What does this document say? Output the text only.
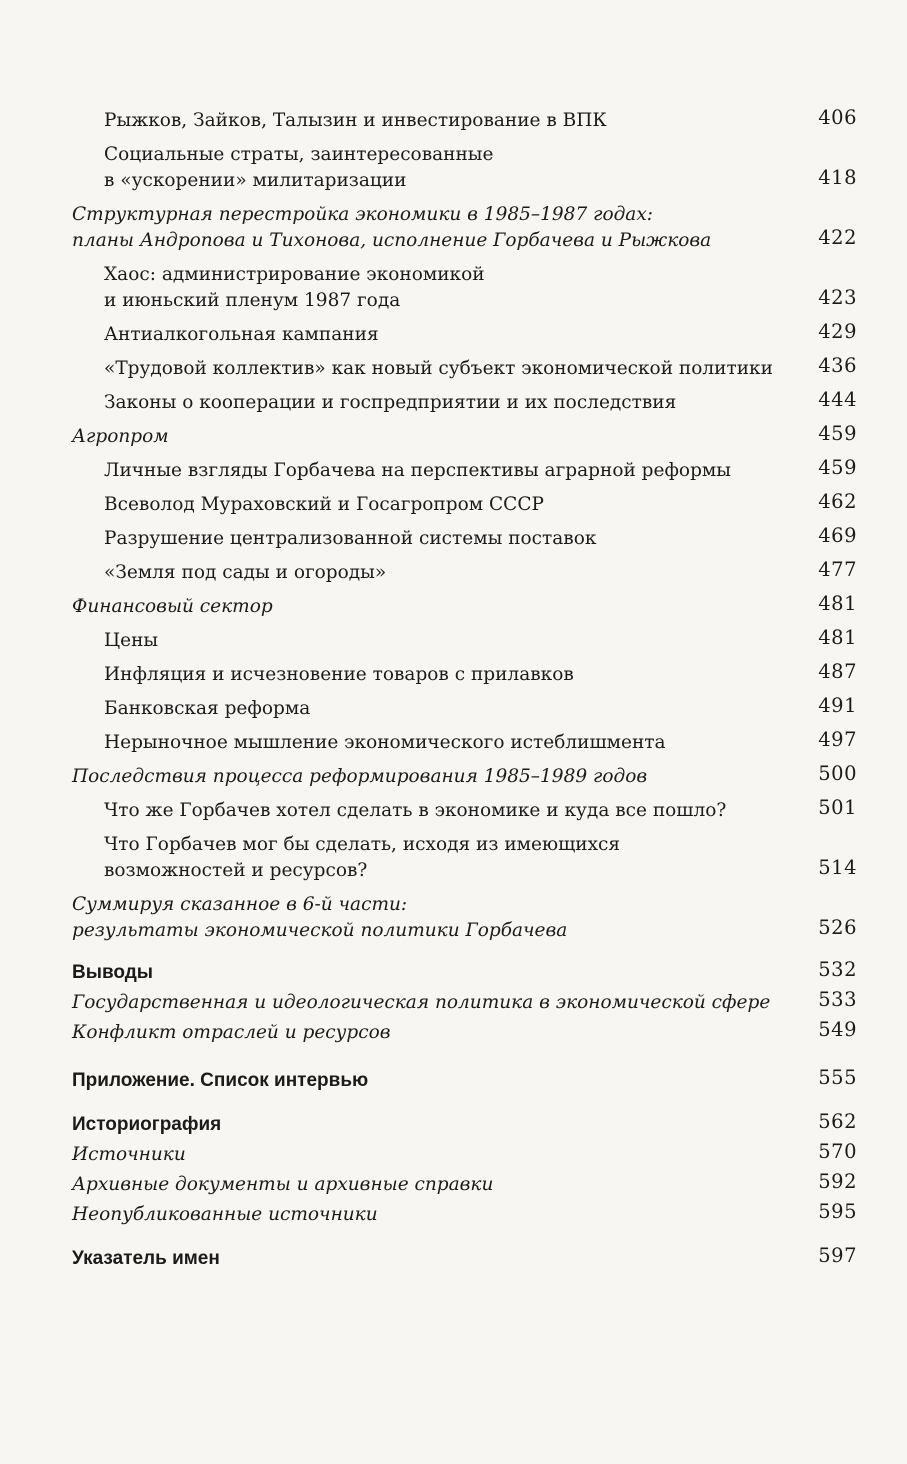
Рыжков, Зайков, Талызин и инвестирование в ВПК	406
Социальные страты, заинтересованные
в «ускорении» милитаризации	418
Структурная перестройка экономики в 1985–1987 годах:
планы Андропова и Тихонова, исполнение Горбачева и Рыжкова	422
Хаос: администрирование экономикой
и июньский пленум 1987 года	423
Антиалкогольная кампания	429
«Трудовой коллектив» как новый субъект экономической политики	436
Законы о кооперации и госпредприятии и их последствия	444
Агропром	459
Личные взгляды Горбачева на перспективы аграрной реформы	459
Всеволод Мураховский и Госагропром СССР	462
Разрушение централизованной системы поставок	469
«Земля под сады и огороды»	477
Финансовый сектор	481
Цены	481
Инфляция и исчезновение товаров с прилавков	487
Банковская реформа	491
Нерыночное мышление экономического истеблишмента	497
Последствия процесса реформирования 1985–1989 годов	500
Что же Горбачев хотел сделать в экономике и куда все пошло?	501
Что Горбачев мог бы сделать, исходя из имеющихся
возможностей и ресурсов?	514
Суммируя сказанное в 6-й части:
результаты экономической политики Горбачева	526
Выводы	532
Государственная и идеологическая политика в экономической сфере	533
Конфликт отраслей и ресурсов	549
Приложение. Список интервью	555
Историография	562
Источники	570
Архивные документы и архивные справки	592
Неопубликованные источники	595
Указатель имен	597
